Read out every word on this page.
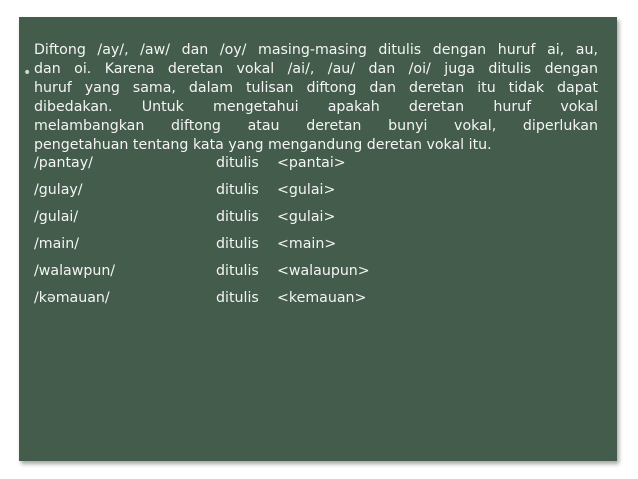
•

Diftong /ay/, /aw/ dan /oy/ masing-masing ditulis dengan huruf ai, au,
dan oi. Karena deretan vokal /ai/, /au/ dan /oi/ juga ditulis dengan
huruf yang sama, dalam tulisan diftong dan deretan itu tidak dapat
dibedakan. Untuk mengetahui apakah deretan huruf vokal
melambangkan diftong atau deretan bunyi vokal, diperlukan
pengetahuan tentang kata yang mengandung deretan vokal itu.

/pantay/	ditulis <pantai>
/gulay/	ditulis <gulai>
/gulai/	ditulis <gulai>
/main/	ditulis <main>
/walawpun/	ditulis <walaupun>
/kəmauan/	ditulis <kemauan>
